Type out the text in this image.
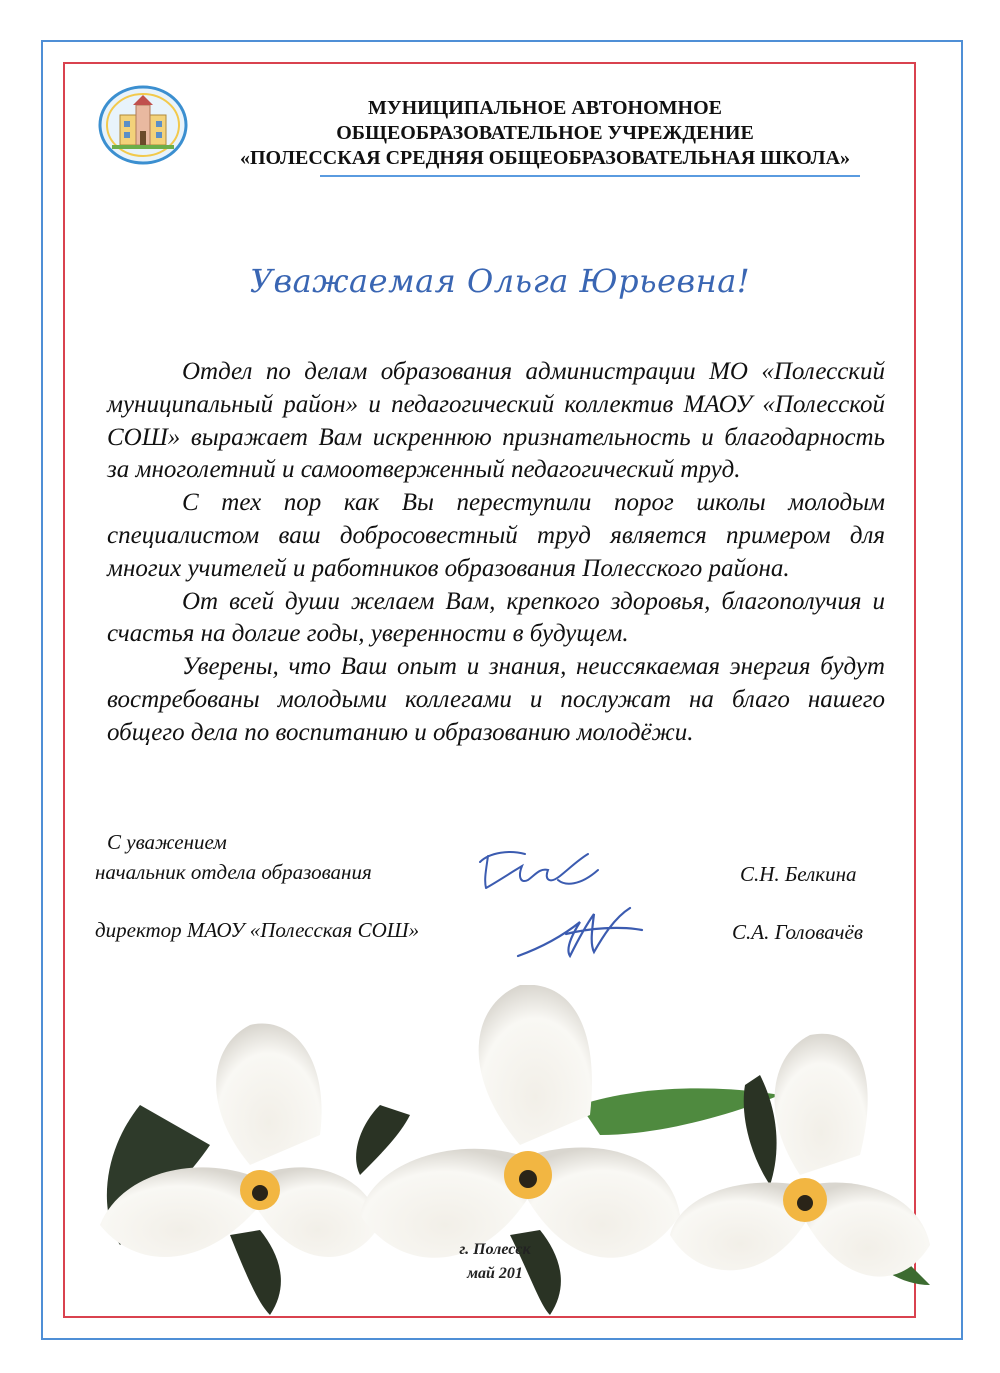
МУНИЦИПАЛЬНОЕ АВТОНОМНОЕ
ОБЩЕОБРАЗОВАТЕЛЬНОЕ УЧРЕЖДЕНИЕ
«ПОЛЕССКАЯ СРЕДНЯЯ ОБЩЕОБРАЗОВАТЕЛЬНАЯ ШКОЛА»
Уважаемая Ольга Юрьевна!

Отдел по делам образования администрации МО «Полесский муниципальный район» и педагогический коллектив МАОУ «Полесской СОШ» выражает Вам искреннюю признательность и благодарность за многолетний и самоотверженный педагогический труд.

С тех пор как Вы переступили порог школы молодым специалистом ваш добросовестный труд является примером для многих учителей и работников образования Полесского района.

От всей души желаем Вам, крепкого здоровья, благополучия и счастья на долгие годы, уверенности в будущем.

Уверены, что Ваш опыт и знания, неиссякаемая энергия будут востребованы молодыми коллегами и послужат на благо нашего общего дела по воспитанию и образованию молодёжи.

С уважением
начальник отдела образования	С.Н. Белкина
директор МАОУ «Полесская СОШ»	С.А. Головачёв
г. Полесск
май 201
